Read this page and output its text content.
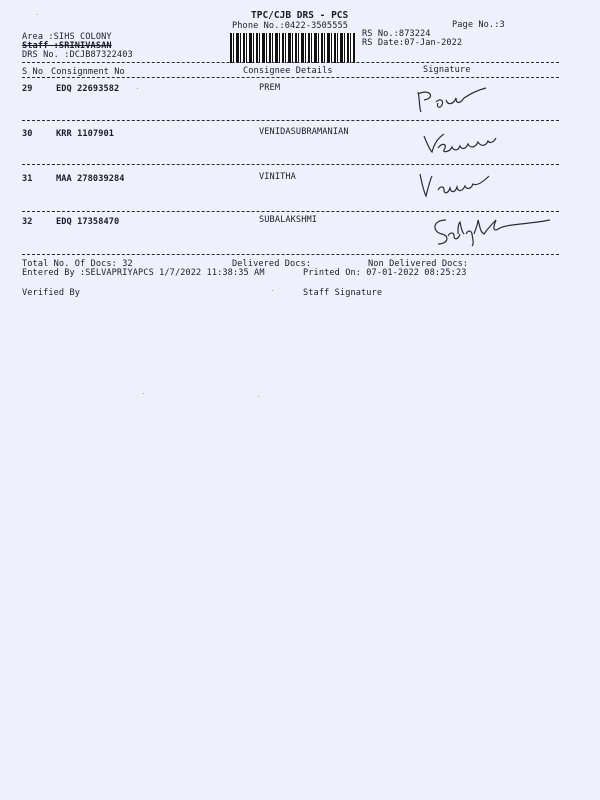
TPC/CJB DRS - PCS
Phone No.:0422-3505555	Page No.:3
Area :SIHS COLONY
Staff :SRINIVASAN
DRS No. :DCJB87322403
RS No.:873224
RS Date:07-Jan-2022
S No Consignment No	Consignee Details	Signature
29	EDQ 22693582	PREM
30	KRR 1107901	VENIDASUBRAMANIAN
31	MAA 278039284	VINITHA
32	EDQ 17358470	SUBALAKSHMI
Total No. Of Docs: 32	Delivered Docs:	Non Delivered Docs:
Entered By :SELVAPRIYAPCS 1/7/2022 11:38:35 AM	Printed On: 07-01-2022 08:25:23
Verified By	Staff Signature
